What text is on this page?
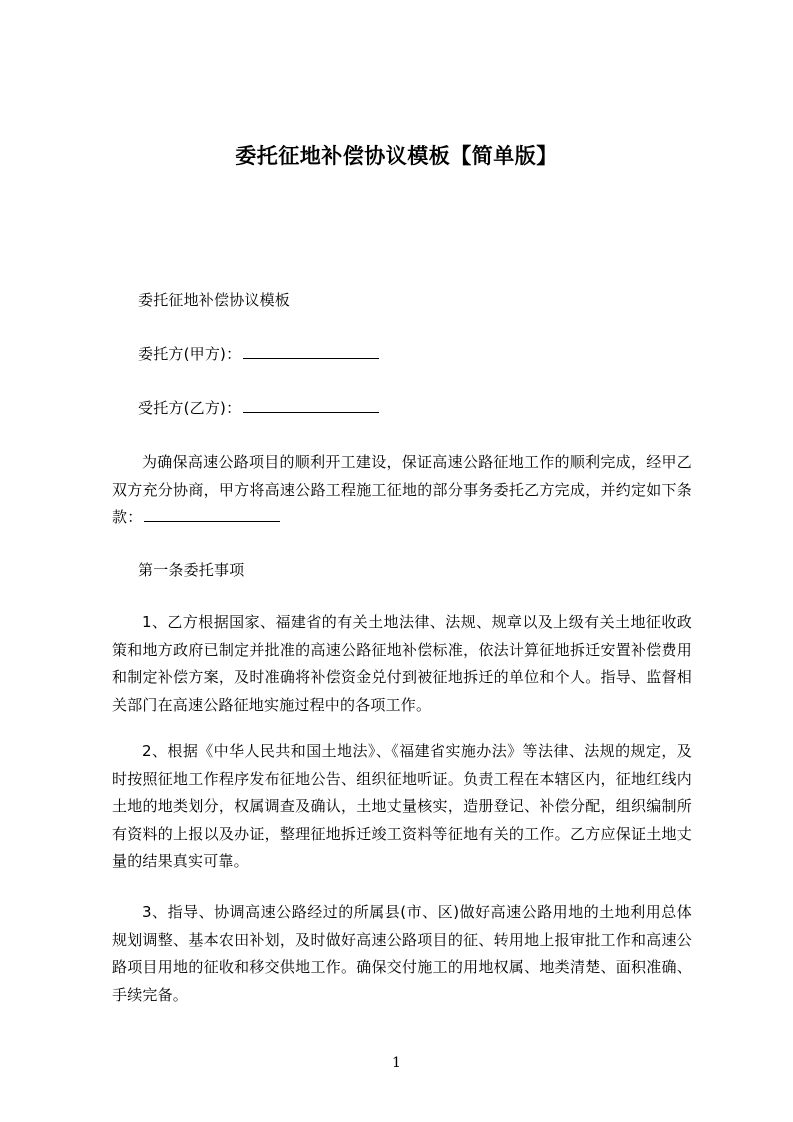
委托征地补偿协议模板【简单版】
委托征地补偿协议模板
委托方(甲方)：
受托方(乙方)：
为确保高速公路项目的顺利开工建设，保证高速公路征地工作的顺利完成，经甲乙双方充分协商，甲方将高速公路工程施工征地的部分事务委托乙方完成，并约定如下条款：
第一条委托事项
1、乙方根据国家、福建省的有关土地法律、法规、规章以及上级有关土地征收政策和地方政府已制定并批准的高速公路征地补偿标准，依法计算征地拆迁安置补偿费用和制定补偿方案，及时准确将补偿资金兑付到被征地拆迁的单位和个人。指导、监督相关部门在高速公路征地实施过程中的各项工作。
2、根据《中华人民共和国土地法》、《福建省实施办法》等法律、法规的规定，及时按照征地工作程序发布征地公告、组织征地听证。负责工程在本辖区内，征地红线内土地的地类划分，权属调查及确认，土地丈量核实，造册登记、补偿分配，组织编制所有资料的上报以及办证，整理征地拆迁竣工资料等征地有关的工作。乙方应保证土地丈量的结果真实可靠。
3、指导、协调高速公路经过的所属县(市、区)做好高速公路用地的土地利用总体规划调整、基本农田补划，及时做好高速公路项目的征、转用地上报审批工作和高速公路项目用地的征收和移交供地工作。确保交付施工的用地权属、地类清楚、面积准确、手续完备。
1
